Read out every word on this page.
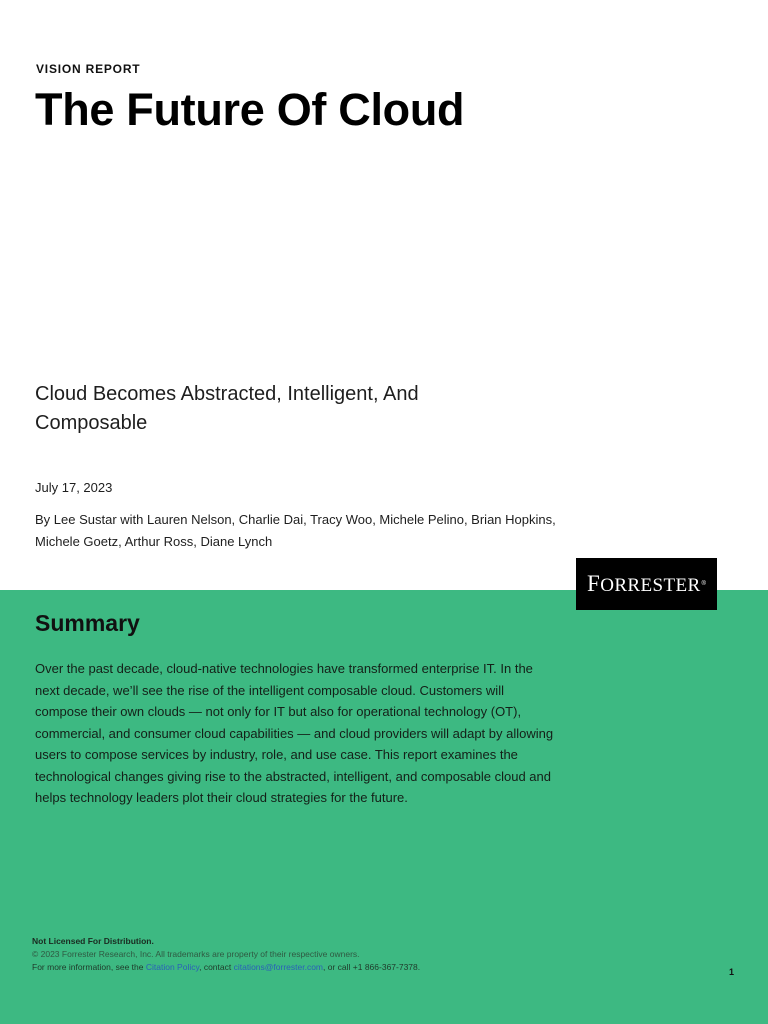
VISION REPORT
The Future Of Cloud
Cloud Becomes Abstracted, Intelligent, And Composable
July 17, 2023
By Lee Sustar with Lauren Nelson, Charlie Dai, Tracy Woo, Michele Pelino, Brian Hopkins, Michele Goetz, Arthur Ross, Diane Lynch
Summary

Over the past decade, cloud-native technologies have transformed enterprise IT. In the next decade, we’ll see the rise of the intelligent composable cloud. Customers will compose their own clouds — not only for IT but also for operational technology (OT), commercial, and consumer cloud capabilities — and cloud providers will adapt by allowing users to compose services by industry, role, and use case. This report examines the technological changes giving rise to the abstracted, intelligent, and composable cloud and helps technology leaders plot their cloud strategies for the future.

Not Licensed For Distribution.
© 2023 Forrester Research, Inc. All trademarks are property of their respective owners.
For more information, see the Citation Policy, contact citations@forrester.com, or call +1 866-367-7378.	1
FORRESTER ®
